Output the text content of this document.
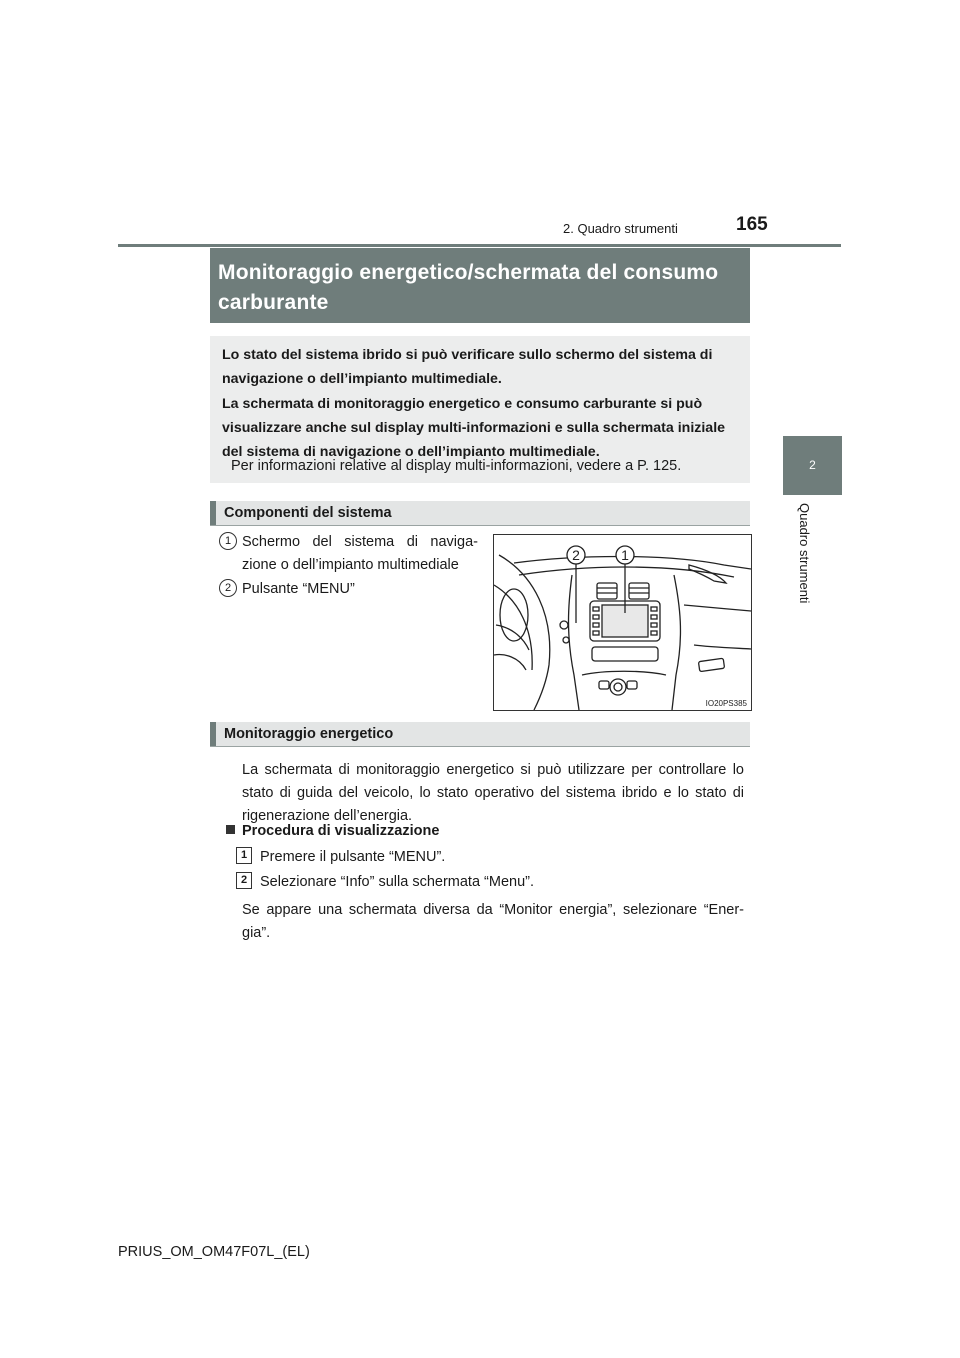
165
2. Quadro strumenti
2
Quadro strumenti
Monitoraggio energetico/schermata del consumo carburante

Lo stato del sistema ibrido si può verificare sullo schermo del sistema di navigazione o dell’impianto multimediale.

La schermata di monitoraggio energetico e consumo carburante si può visualizzare anche sul display multi-informazioni e sulla schermata iniziale del sistema di navigazione o dell’impianto multimediale.

Per informazioni relative al display multi-informazioni, vedere a P. 125.

Componenti del sistema
1 Schermo del sistema di naviga-
zione o dell’impianto multimediale
2 Pulsante “MENU”
2	1
IO20PS385
Monitoraggio energetico
La schermata di monitoraggio energetico si può utilizzare per controllare lo
stato di guida del veicolo, lo stato operativo del sistema ibrido e lo stato di
rigenerazione dell’energia.
Procedura di visualizzazione
1 Premere il pulsante “MENU”.
2 Selezionare “Info” sulla schermata “Menu”.
Se appare una schermata diversa da “Monitor energia”, selezionare “Ener-
gia”.
PRIUS_OM_OM47F07L_(EL)
